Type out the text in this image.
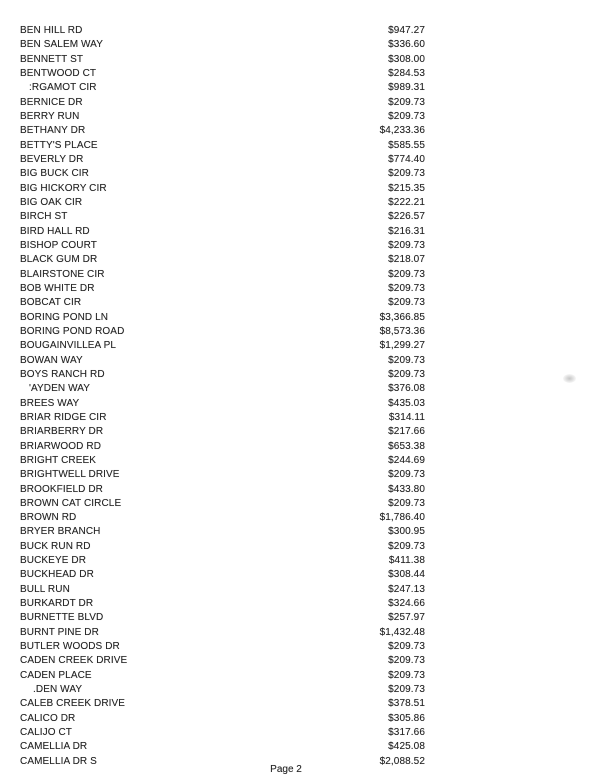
BEN HILL RD	$947.27
BEN SALEM WAY	$336.60
BENNETT ST	$308.00
BENTWOOD CT	$284.53
:RGAMOT CIR	$989.31
BERNICE DR	$209.73
BERRY RUN	$209.73
BETHANY DR	$4,233.36
BETTY'S PLACE	$585.55
BEVERLY DR	$774.40
BIG BUCK CIR	$209.73
BIG HICKORY CIR	$215.35
BIG OAK CIR	$222.21
BIRCH ST	$226.57
BIRD HALL RD	$216.31
BISHOP COURT	$209.73
BLACK GUM DR	$218.07
BLAIRSTONE CIR	$209.73
BOB WHITE DR	$209.73
BOBCAT CIR	$209.73
BORING POND LN	$3,366.85
BORING POND ROAD	$8,573.36
BOUGAINVILLEA PL	$1,299.27
BOWAN WAY	$209.73
BOYS RANCH RD	$209.73
'AYDEN WAY	$376.08
BREES WAY	$435.03
BRIAR RIDGE CIR	$314.11
BRIARBERRY DR	$217.66
BRIARWOOD RD	$653.38
BRIGHT CREEK	$244.69
BRIGHTWELL DRIVE	$209.73
BROOKFIELD DR	$433.80
BROWN CAT CIRCLE	$209.73
BROWN RD	$1,786.40
BRYER BRANCH	$300.95
BUCK RUN RD	$209.73
BUCKEYE DR	$411.38
BUCKHEAD DR	$308.44
BULL RUN	$247.13
BURKARDT DR	$324.66
BURNETTE BLVD	$257.97
BURNT PINE DR	$1,432.48
BUTLER WOODS DR	$209.73
CADEN CREEK DRIVE	$209.73
CADEN PLACE	$209.73
.DEN WAY	$209.73
CALEB CREEK DRIVE	$378.51
CALICO DR	$305.86
CALIJO CT	$317.66
CAMELLIA DR	$425.08
CAMELLIA DR S	$2,088.52
Page 2
